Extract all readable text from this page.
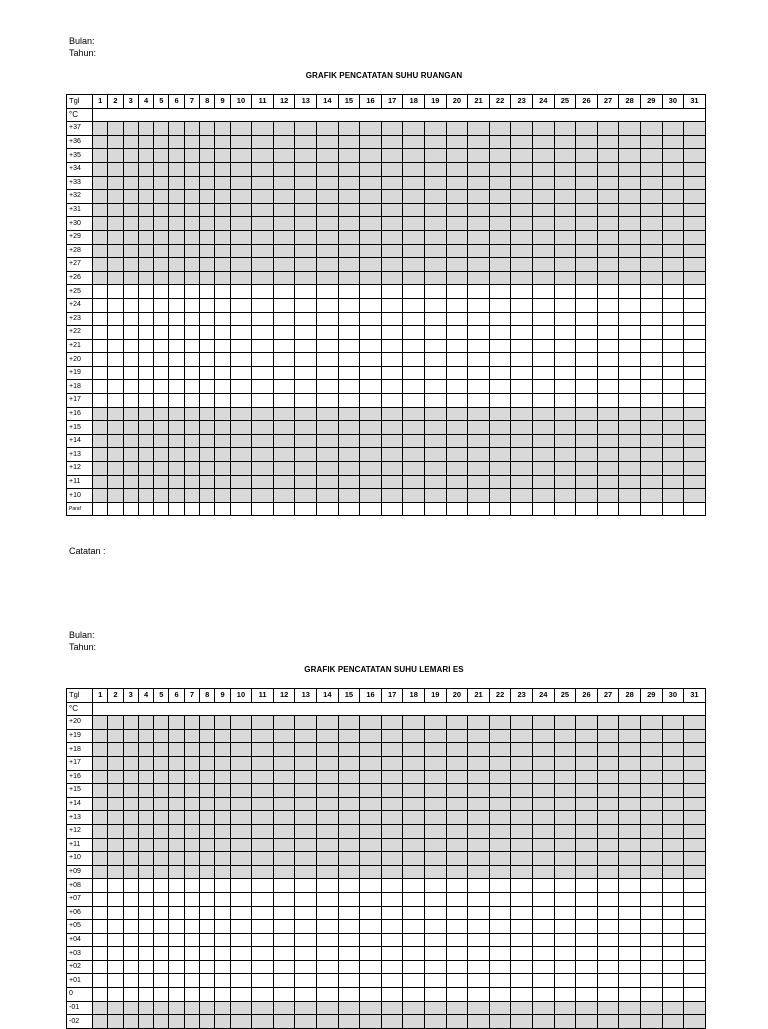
Bulan:
Tahun:
GRAFIK PENCATATAN SUHU RUANGAN
Tgl	1	2	3	4	5	6	7	8	9	10	11	12	13	14	15	16	17	18	19	20	21	22	23	24	25	26	27	28	29	30	31
°C																															
+37																															
+36																															
+35																															
+34																															
+33																															
+32																															
+31																															
+30																															
+29																															
+28																															
+27																															
+26																															
+25																															
+24																															
+23																															
+22																															
+21																															
+20																															
+19																															
+18																															
+17																															
+16																															
+15																															
+14																															
+13																															
+12																															
+11																															
+10																															
Paraf																															
Catatan :
Bulan:
Tahun:
GRAFIK PENCATATAN SUHU LEMARI ES
Tgl	1	2	3	4	5	6	7	8	9	10	11	12	13	14	15	16	17	18	19	20	21	22	23	24	25	26	27	28	29	30	31
°C																															
+20																															
+19																															
+18																															
+17																															
+16																															
+15																															
+14																															
+13																															
+12																															
+11																															
+10																															
+09																															
+08																															
+07																															
+06																															
+05																															
+04																															
+03																															
+02																															
+01																															
0																															
-01																															
-02																															
